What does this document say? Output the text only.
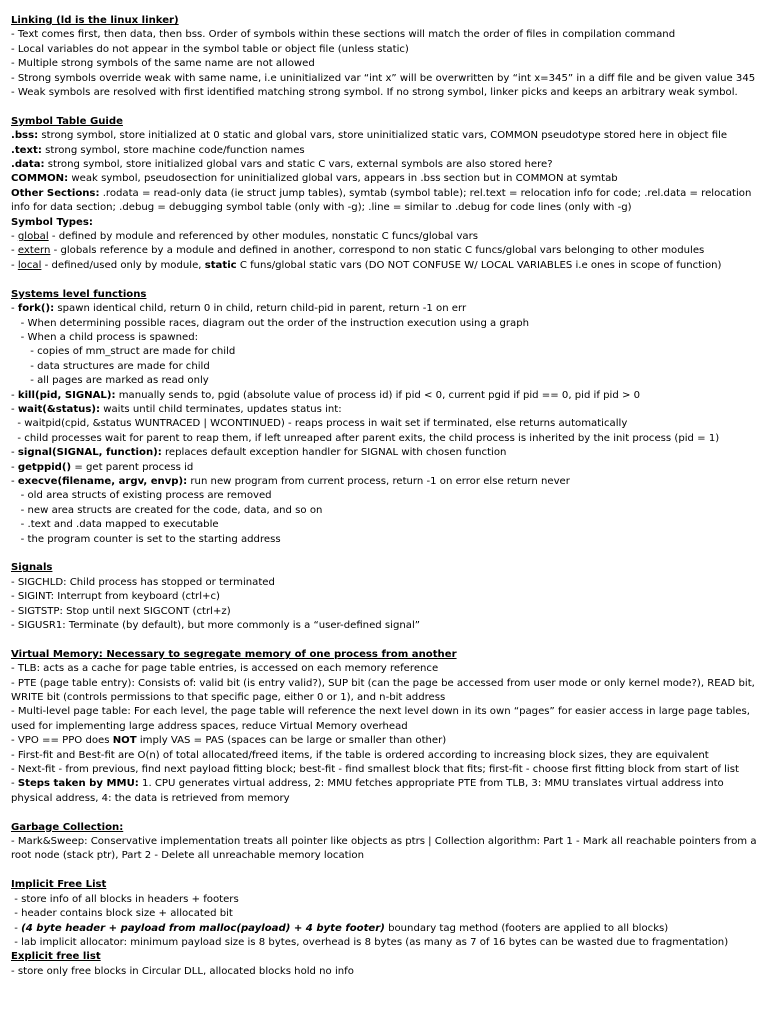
Linking (ld is the linux linker)
- Text comes first, then data, then bss. Order of symbols within these sections will match the order of files in compilation command
- Local variables do not appear in the symbol table or object file (unless static)
- Multiple strong symbols of the same name are not allowed
- Strong symbols override weak with same name, i.e uninitialized var “int x” will be overwritten by “int x=345” in a diff file and be given value 345
- Weak symbols are resolved with first identified matching strong symbol. If no strong symbol, linker picks and keeps an arbitrary weak symbol.
Symbol Table Guide
.bss: strong symbol, store initialized at 0 static and global vars, store uninitialized static vars, COMMON pseudotype stored here in object file
.text: strong symbol, store machine code/function names
.data: strong symbol, store initialized global vars and static C vars, external symbols are also stored here?
COMMON: weak symbol, pseudosection for uninitialized global vars, appears in .bss section but in COMMON at symtab
Other Sections: .rodata = read-only data (ie struct jump tables), symtab (symbol table); rel.text = relocation info for code; .rel.data = relocation info for data section; .debug = debugging symbol table (only with -g); .line = similar to .debug for code lines (only with -g)
Symbol Types:
- global - defined by module and referenced by other modules, nonstatic C funcs/global vars
- extern - globals reference by a module and defined in another, correspond to non static C funcs/global vars belonging to other modules
- local - defined/used only by module, static C funs/global static vars (DO NOT CONFUSE W/ LOCAL VARIABLES i.e ones in scope of function)
Systems level functions
- fork(): spawn identical child, return 0 in child, return child-pid in parent, return -1 on err
- When determining possible races, diagram out the order of the instruction execution using a graph
- When a child process is spawned:
- copies of mm_struct are made for child
- data structures are made for child
- all pages are marked as read only
- kill(pid, SIGNAL): manually sends to, pgid (absolute value of process id) if pid < 0, current pgid if pid == 0, pid if pid > 0
- wait(&status): waits until child terminates, updates status int:
- waitpid(cpid, &status WUNTRACED | WCONTINUED) - reaps process in wait set if terminated, else returns automatically
- child processes wait for parent to reap them, if left unreaped after parent exits, the child process is inherited by the init process (pid = 1)
- signal(SIGNAL, function): replaces default exception handler for SIGNAL with chosen function
- getppid() = get parent process id
- execve(filename, argv, envp): run new program from current process, return -1 on error else return never
- old area structs of existing process are removed
- new area structs are created for the code, data, and so on
- .text and .data mapped to executable
- the program counter is set to the starting address
Signals
- SIGCHLD: Child process has stopped or terminated
- SIGINT: Interrupt from keyboard (ctrl+c)
- SIGTSTP: Stop until next SIGCONT (ctrl+z)
- SIGUSR1: Terminate (by default), but more commonly is a “user-defined signal”
Virtual Memory: Necessary to segregate memory of one process from another
- TLB: acts as a cache for page table entries, is accessed on each memory reference
- PTE (page table entry): Consists of: valid bit (is entry valid?), SUP bit (can the page be accessed from user mode or only kernel mode?), READ bit, WRITE bit (controls permissions to that specific page, either 0 or 1), and n-bit address
- Multi-level page table: For each level, the page table will reference the next level down in its own “pages” for easier access in large page tables, used for implementing large address spaces, reduce Virtual Memory overhead
- VPO == PPO does NOT imply VAS = PAS (spaces can be large or smaller than other)
- First-fit and Best-fit are O(n) of total allocated/freed items, if the table is ordered according to increasing block sizes, they are equivalent
- Next-fit - from previous, find next payload fitting block; best-fit - find smallest block that fits; first-fit - choose first fitting block from start of list
- Steps taken by MMU: 1. CPU generates virtual address, 2: MMU fetches appropriate PTE from TLB, 3: MMU translates virtual address into physical address, 4: the data is retrieved from memory
Garbage Collection:
- Mark&Sweep: Conservative implementation treats all pointer like objects as ptrs | Collection algorithm: Part 1 - Mark all reachable pointers from a root node (stack ptr), Part 2 - Delete all unreachable memory location
Implicit Free List
- store info of all blocks in headers + footers
- header contains block size + allocated bit
- (4 byte header + payload from malloc(payload) + 4 byte footer) boundary tag method (footers are applied to all blocks)
- lab implicit allocator: minimum payload size is 8 bytes, overhead is 8 bytes (as many as 7 of 16 bytes can be wasted due to fragmentation)
Explicit free list
- store only free blocks in Circular DLL, allocated blocks hold no info
